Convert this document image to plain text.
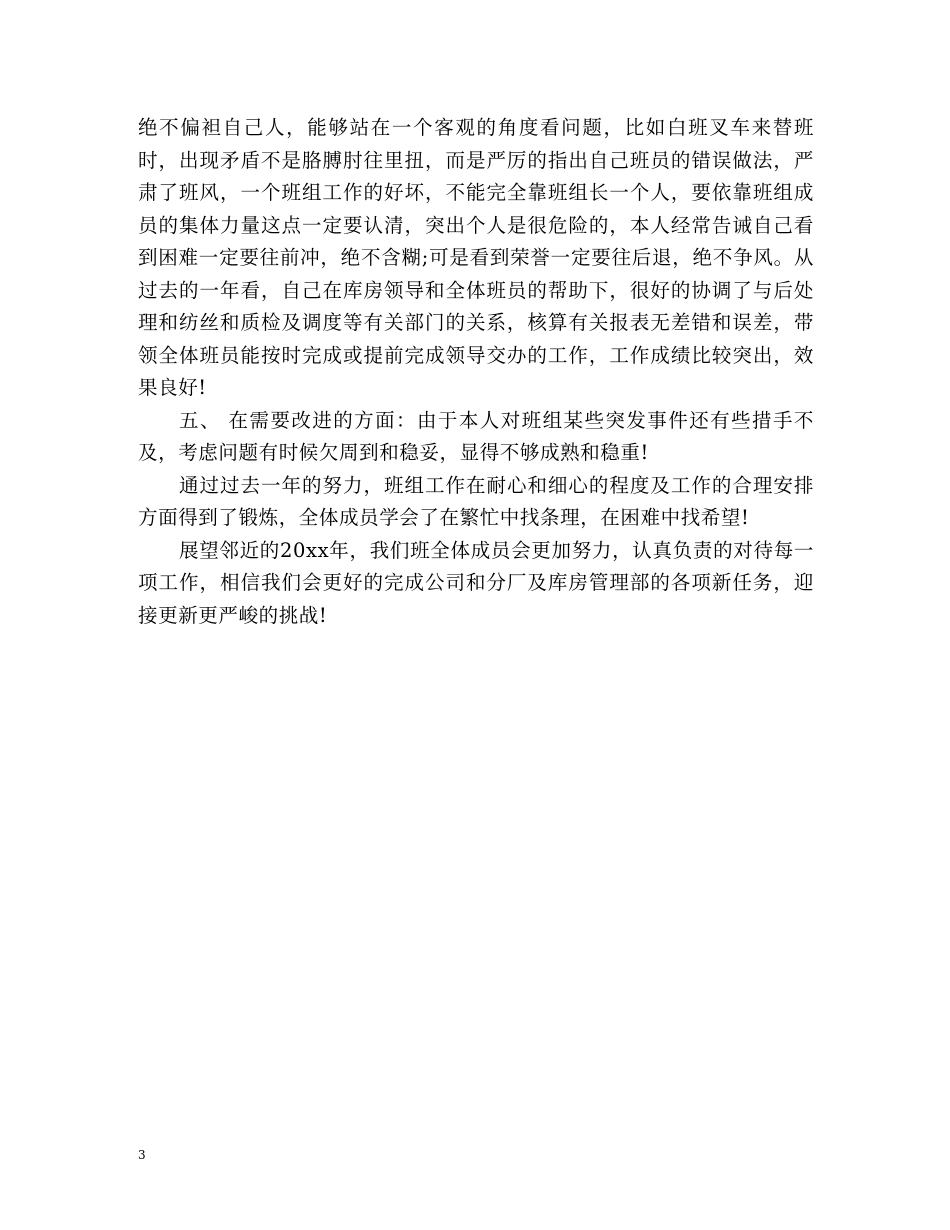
绝不偏袒自己人，能够站在一个客观的角度看问题，比如白班叉车来替班时，出现矛盾不是胳膊肘往里扭，而是严厉的指出自己班员的错误做法，严肃了班风，一个班组工作的好坏，不能完全靠班组长一个人，要依靠班组成员的集体力量这点一定要认清，突出个人是很危险的，本人经常告诫自己看到困难一定要往前冲，绝不含糊;可是看到荣誉一定要往后退，绝不争风。从过去的一年看，自己在库房领导和全体班员的帮助下，很好的协调了与后处理和纺丝和质检及调度等有关部门的关系，核算有关报表无差错和误差，带领全体班员能按时完成或提前完成领导交办的工作，工作成绩比较突出，效果良好!

五、 在需要改进的方面：由于本人对班组某些突发事件还有些措手不及，考虑问题有时候欠周到和稳妥，显得不够成熟和稳重!

通过过去一年的努力，班组工作在耐心和细心的程度及工作的合理安排方面得到了锻炼，全体成员学会了在繁忙中找条理，在困难中找希望!

展望邻近的20xx年，我们班全体成员会更加努力，认真负责的对待每一项工作，相信我们会更好的完成公司和分厂及库房管理部的各项新任务，迎接更新更严峻的挑战!

3
